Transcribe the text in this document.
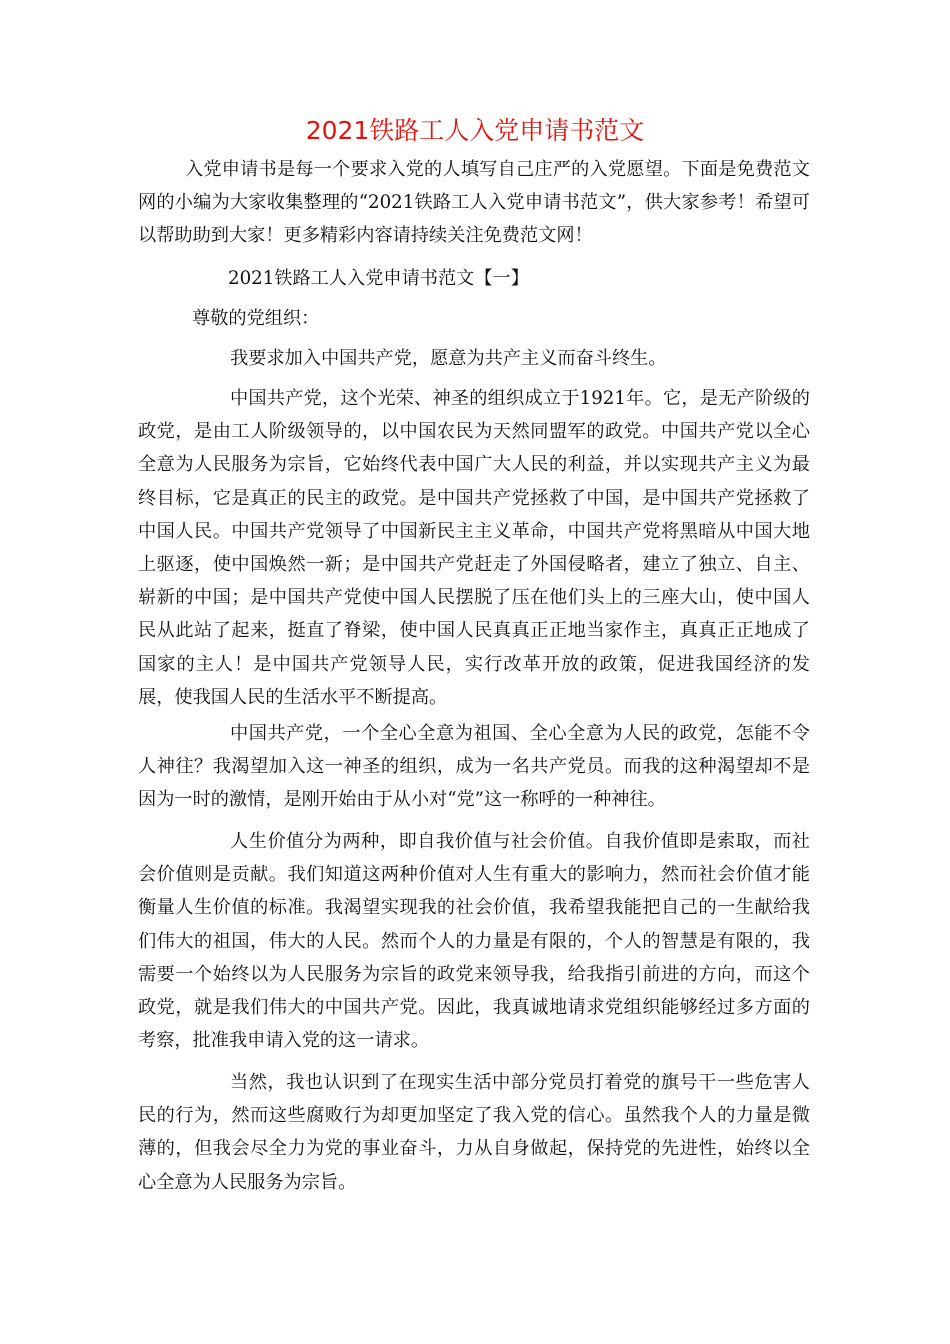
2021铁路工人入党申请书范文

入党申请书是每一个要求入党的人填写自己庄严的入党愿望。下面是免费范文网的小编为大家收集整理的“2021铁路工人入党申请书范文”，供大家参考！希望可以帮助助到大家！更多精彩内容请持续关注免费范文网！

2021铁路工人入党申请书范文【一】

尊敬的党组织：

我要求加入中国共产党，愿意为共产主义而奋斗终生。

中国共产党，这个光荣、神圣的组织成立于1921年。它，是无产阶级的政党，是由工人阶级领导的，以中国农民为天然同盟军的政党。中国共产党以全心全意为人民服务为宗旨，它始终代表中国广大人民的利益，并以实现共产主义为最终目标，它是真正的民主的政党。是中国共产党拯救了中国，是中国共产党拯救了中国人民。中国共产党领导了中国新民主主义革命，中国共产党将黑暗从中国大地上驱逐，使中国焕然一新；是中国共产党赶走了外国侵略者，建立了独立、自主、崭新的中国；是中国共产党使中国人民摆脱了压在他们头上的三座大山，使中国人民从此站了起来，挺直了脊梁，使中国人民真真正正地当家作主，真真正正地成了国家的主人！是中国共产党领导人民，实行改革开放的政策，促进我国经济的发展，使我国人民的生活水平不断提高。

中国共产党，一个全心全意为祖国、全心全意为人民的政党，怎能不令人神往？我渴望加入这一神圣的组织，成为一名共产党员。而我的这种渴望却不是因为一时的激情，是刚开始由于从小对“党”这一称呼的一种神往。

人生价值分为两种，即自我价值与社会价值。自我价值即是索取，而社会价值则是贡献。我们知道这两种价值对人生有重大的影响力，然而社会价值才能衡量人生价值的标准。我渴望实现我的社会价值，我希望我能把自己的一生献给我们伟大的祖国，伟大的人民。然而个人的力量是有限的，个人的智慧是有限的，我需要一个始终以为人民服务为宗旨的政党来领导我，给我指引前进的方向，而这个政党，就是我们伟大的中国共产党。因此，我真诚地请求党组织能够经过多方面的考察，批准我申请入党的这一请求。

当然，我也认识到了在现实生活中部分党员打着党的旗号干一些危害人民的行为，然而这些腐败行为却更加坚定了我入党的信心。虽然我个人的力量是微薄的，但我会尽全力为党的事业奋斗，力从自身做起，保持党的先进性，始终以全心全意为人民服务为宗旨。
